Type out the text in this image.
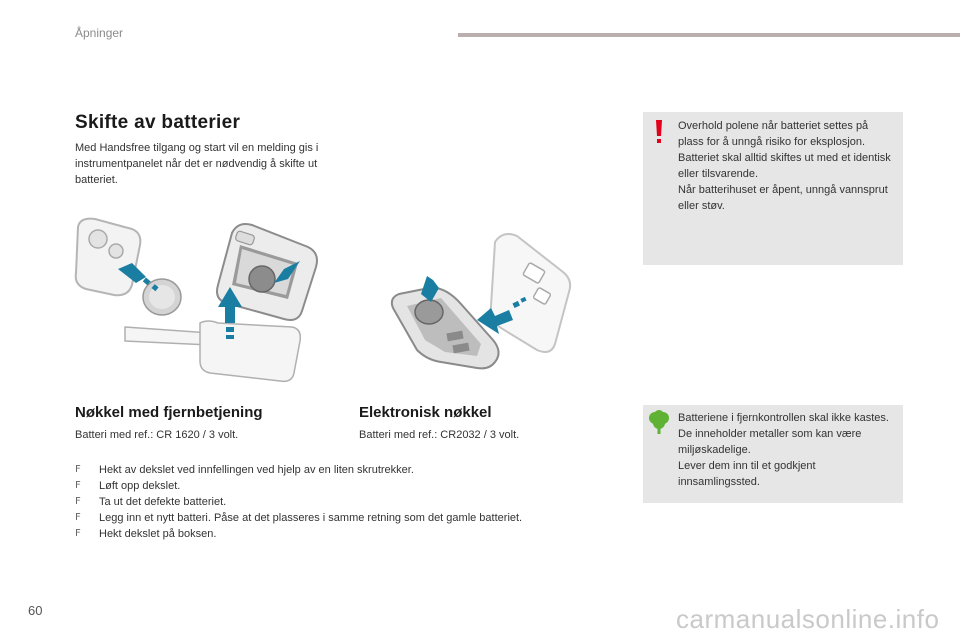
Åpninger
Skifte av batterier
Med Handsfree tilgang og start vil en melding gis i instrumentpanelet når det er nødvendig å skifte ut batteriet.
Overhold polene når batteriet settes på plass for å unngå risiko for eksplosjon.
Batteriet skal alltid skiftes ut med et identisk eller tilsvarende.
Når batterihuset er åpent, unngå vannsprut eller støv.
Nøkkel med fjernbetjening
Batteri med ref.: CR 1620 / 3 volt.
Elektronisk nøkkel
Batteri med ref.: CR2032 / 3 volt.
Batteriene i fjernkontrollen skal ikke kastes. De inneholder metaller som kan være miljøskadelige.
Lever dem inn til et godkjent innsamlingssted.
F Hekt av dekslet ved innfellingen ved hjelp av en liten skrutrekker.
F Løft opp dekslet.
F Ta ut det defekte batteriet.
F Legg inn et nytt batteri. Påse at det plasseres i samme retning som det gamle batteriet.
F Hekt dekslet på boksen.
60	carmanualsonline.info
